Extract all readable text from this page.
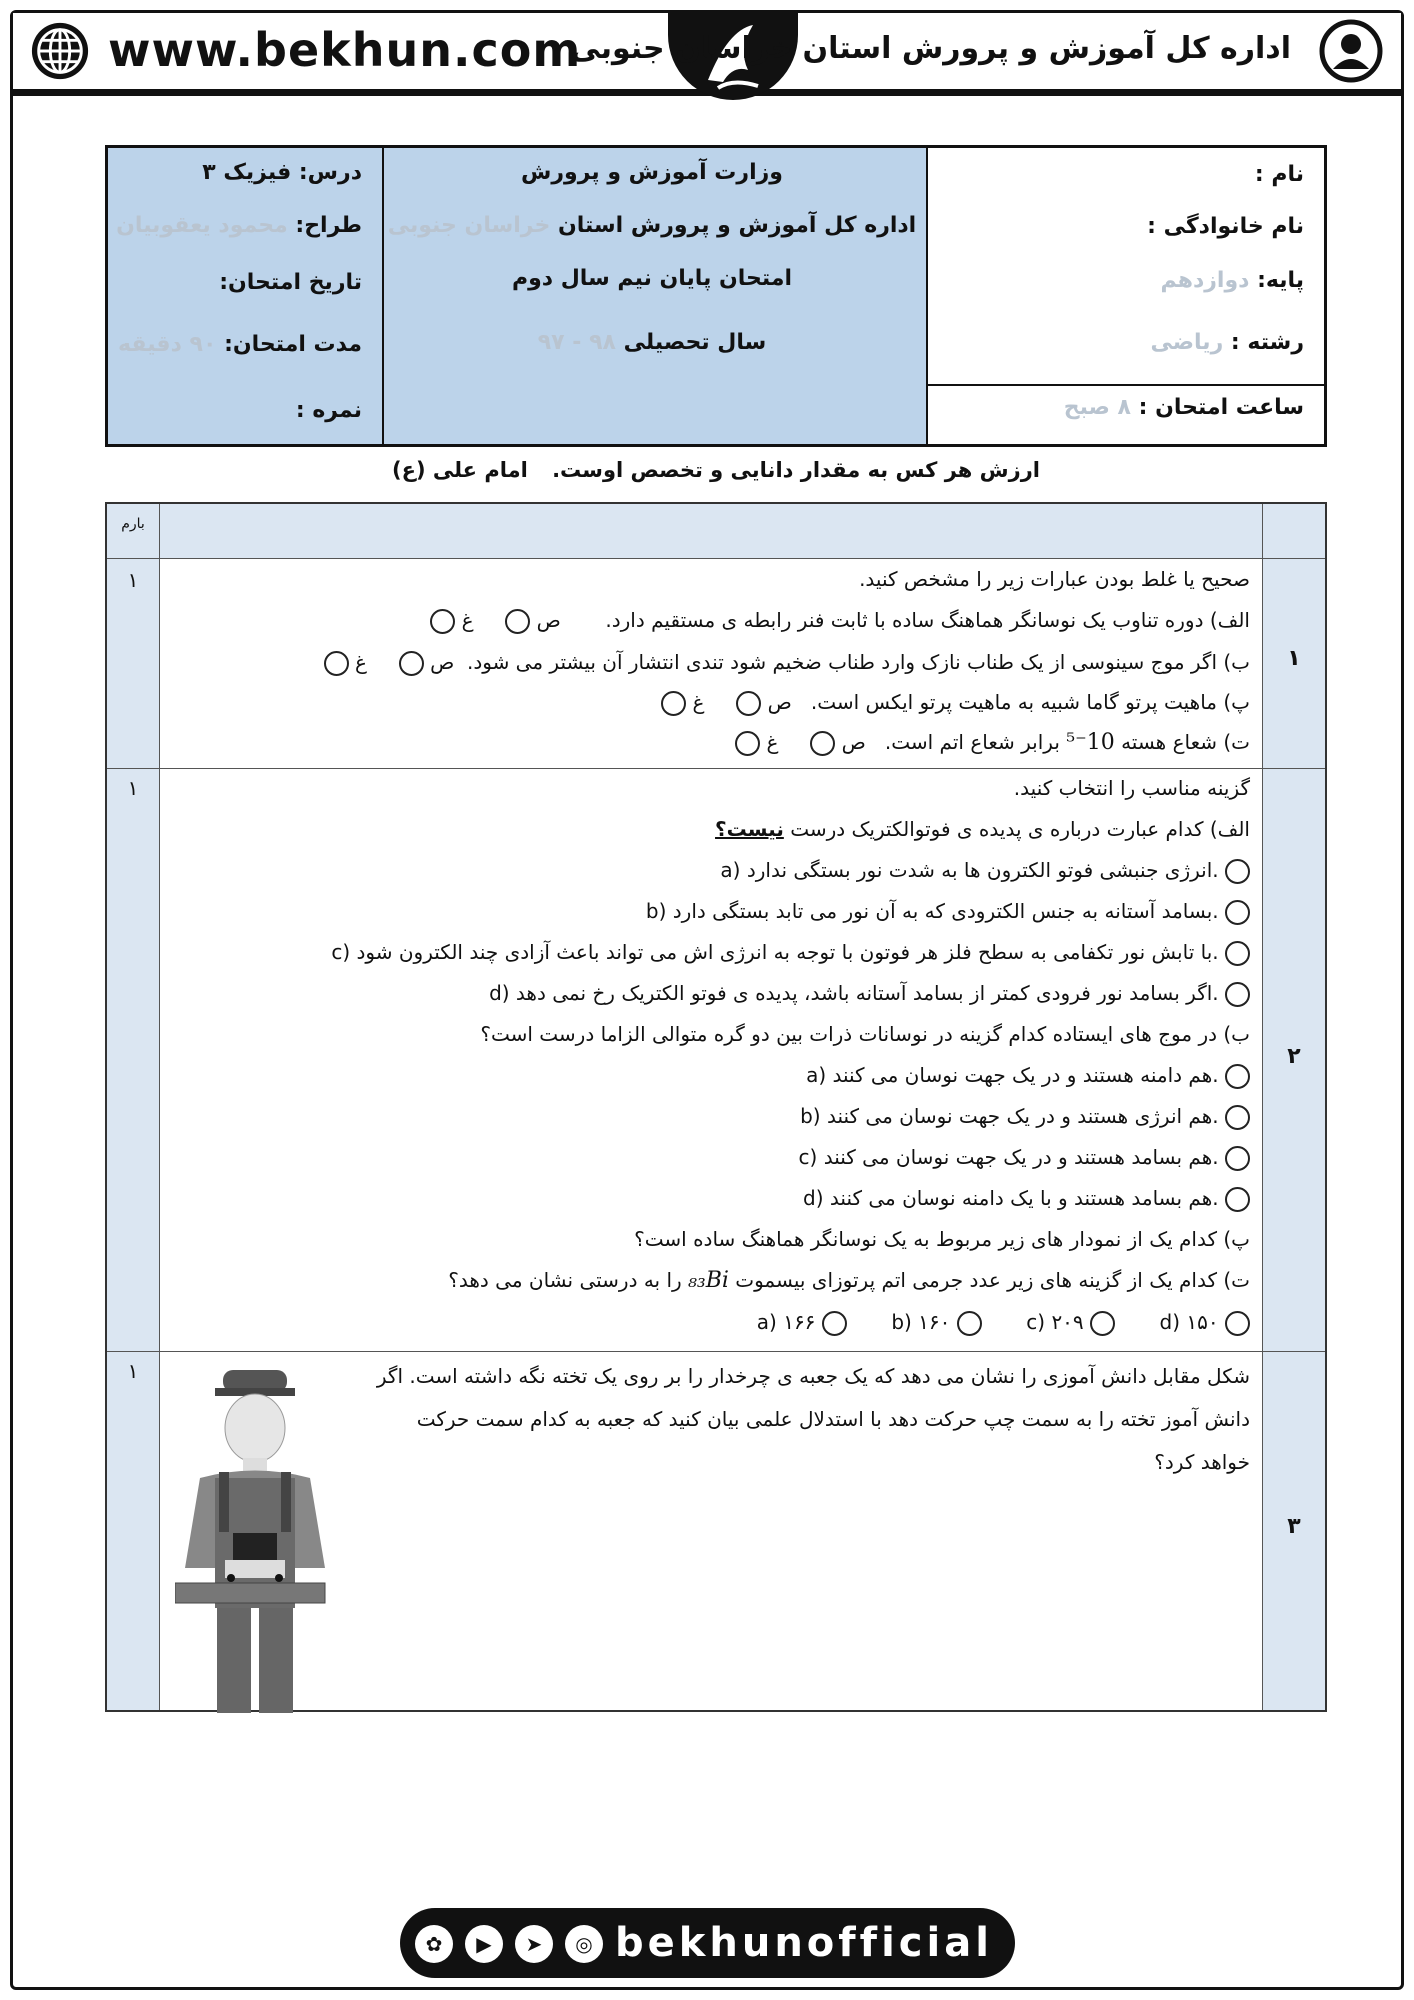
www.bekhun.com
اداره کل آموزش و پرورش استان خراسان جنوبی
نام :
نام خانوادگی :
پایه: دوازدهم
رشته : ریاضی
ساعت امتحان : ۸ صبح
وزارت آموزش و پرورش
اداره کل آموزش و پرورش استان خراسان جنوبی
امتحان پایان نیم سال دوم
سال تحصیلی ۹۸ - ۹۷
درس: فیزیک ۳
طراح: محمود یعقوبیان
تاریخ امتحان:
مدت امتحان: ۹۰ دقیقه
نمره :
ارزش هر کس به مقدار دانایی و تخصص اوست.
امام علی (ع)
بارم
۱
۱	صحیح یا غلط بودن عبارات زیر را مشخص کنید.
الف) دوره تناوب یک نوسانگر هماهنگ ساده با ثابت فنر رابطه ی مستقیم دارد.       ص      غ
ب) اگر موج سینوسی از یک طناب نازک وارد طناب ضخیم شود تندی انتشار آن بیشتر می شود.  ص      غ
پ) ماهیت پرتو گاما شبیه به ماهیت پرتو ایکس است.   ص      غ
ت) شعاع هسته 10⁻⁵ برابر شعاع اتم است.   ص      غ
۲
۱	گزینه مناسب را انتخاب کنید.
الف) کدام عبارت درباره ی پدیده ی فوتوالکتریک درست نیست؟
a) انرژی جنبشی فوتو الکترون ها به شدت نور بستگی ندارد.
b) بسامد آستانه به جنس الکترودی که به آن نور می تابد بستگی دارد.
c) با تابش نور تکفامی به سطح فلز هر فوتون با توجه به انرژی اش می تواند باعث آزادی چند الکترون شود.
d) اگر بسامد نور فرودی کمتر از بسامد آستانه باشد، پدیده ی فوتو الکتریک رخ نمی دهد.
ب) در موج های ایستاده کدام گزینه در نوسانات ذرات بین دو گره متوالی الزاما درست است؟
a) هم دامنه هستند و در یک جهت نوسان می کنند.
b) هم انرژی هستند و در یک جهت نوسان می کنند.
c) هم بسامد هستند و در یک جهت نوسان می کنند.
d) هم بسامد هستند و با یک دامنه نوسان می کنند.
پ) کدام یک از نمودار های زیر مربوط به یک نوسانگر هماهنگ ساده است؟
ت) کدام یک از گزینه های زیر عدد جرمی اتم پرتوزای بیسموت ₈₃Bi را به درستی نشان می دهد؟
a) ۱۶۶	b) ۱۶۰	c) ۲۰۹	d) ۱۵۰
۳
۱	شکل مقابل دانش آموزی را نشان می دهد که یک جعبه ی چرخدار را بر روی یک تخته نگه داشته است. اگر
دانش آموز تخته را به سمت چپ حرکت دهد با استدلال علمی بیان کنید که جعبه به کدام سمت حرکت
خواهد کرد؟
✿	▶	➤	◎ bekhunofficial
